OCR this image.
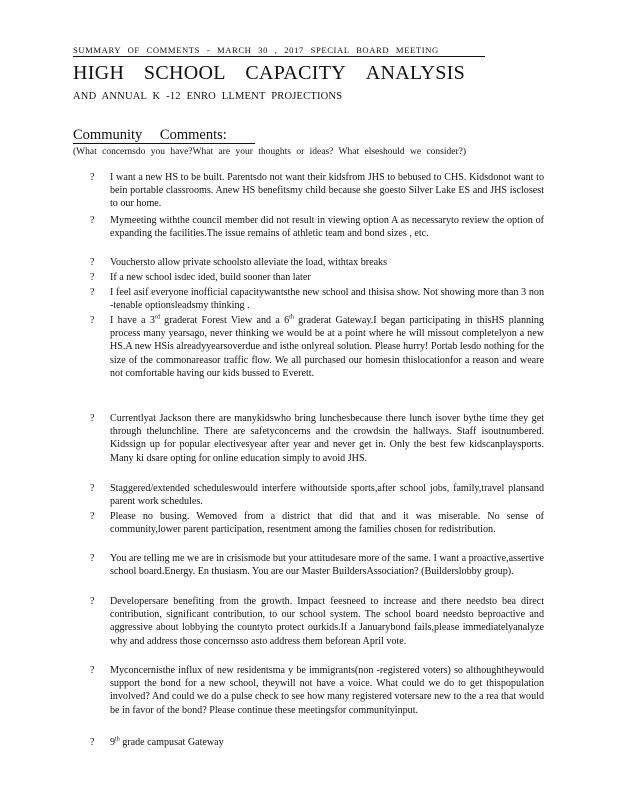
SUMMARY OF COMMENTS - MARCH 30 , 2017 SPECIAL BOARD MEETING
HIGH SCHOOL CAPACITY ANALYSIS
AND ANNUAL K -12 ENRO LLMENT PROJECTIONS
Community Comments:
(What concernsdo you have?What are your thoughts or ideas? What elseshould we consider?)
?	I want a new HS to be built. Parentsdo not want their kidsfrom JHS to bebused to CHS. Kidsdonot want to bein portable classrooms. Anew HS benefitsmy child because she goesto Silver Lake ES and JHS isclosest to our home.
?	Mymeeting withthe council member did not result in viewing option A as necessaryto review the option of expanding the facilities.The issue remains of athletic team and bond sizes , etc.
?	Vouchersto allow private schoolsto alleviate the load, withtax breaks
?	If a new school isdec ided, build sooner than later
?	I feel asif everyone inofficial capacitywantsthe new school and thisisa show. Not showing more than 3 non -tenable optionsleadsmy thinking .
?	I have a 3rd graderat Forest View and a 6th graderat Gateway.I began participating in thisHS planning process many yearsago, never thinking we would be at a point where he will missout completelyon a new HS.A new HSis alreadyyearsoverdue and isthe onlyreal solution. Please hurry! Portab lesdo nothing for the size of the commonareasor traffic flow. We all purchased our homesin thislocationfor a reason and weare not comfortable having our kids bussed to Everett.
?	Currentlyat Jackson there are manykidswho bring lunchesbecause there lunch isover bythe time they get through thelunchline. There are safetyconcerns and the crowdsin the hallways. Staff isoutnumbered. Kidssign up for popular electivesyear after year and never get in. Only the best few kidscanplaysports. Many ki dsare opting for online education simply to avoid JHS.
?	Staggered/extended scheduleswould interfere withoutside sports,after school jobs, family,travel plansand parent work schedules.
?	Please no busing. Wemoved from a district that did that and it was miserable. No sense of community,lower parent participation, resentment among the families chosen for redistribution.
?	You are telling me we are in crisismode but your attitudesare more of the same. I want a proactive,assertive school board.Energy. En thusiasm. You are our Master BuildersAssociation? (Builderslobby group).
?	Developersare benefiting from the growth. Impact feesneed to increase and there needsto bea direct contribution, significant contribution, to our school system. The school board needsto beproactive and aggressive about lobbying the countyto protect ourkids.If a Januarybond fails,please immediatelyanalyze why and address those concernsso asto address them beforean April vote.
?	Myconcernisthe influx of new residentsma y be immigrants(non -registered voters) so althoughtheywould support the bond for a new school, theywill not have a voice. What could we do to get thispopulation involved? And could we do a pulse check to see how many registered votersare new to the a rea that would be in favor of the bond? Please continue these meetingsfor communityinput.
?	9th grade campusat Gateway
